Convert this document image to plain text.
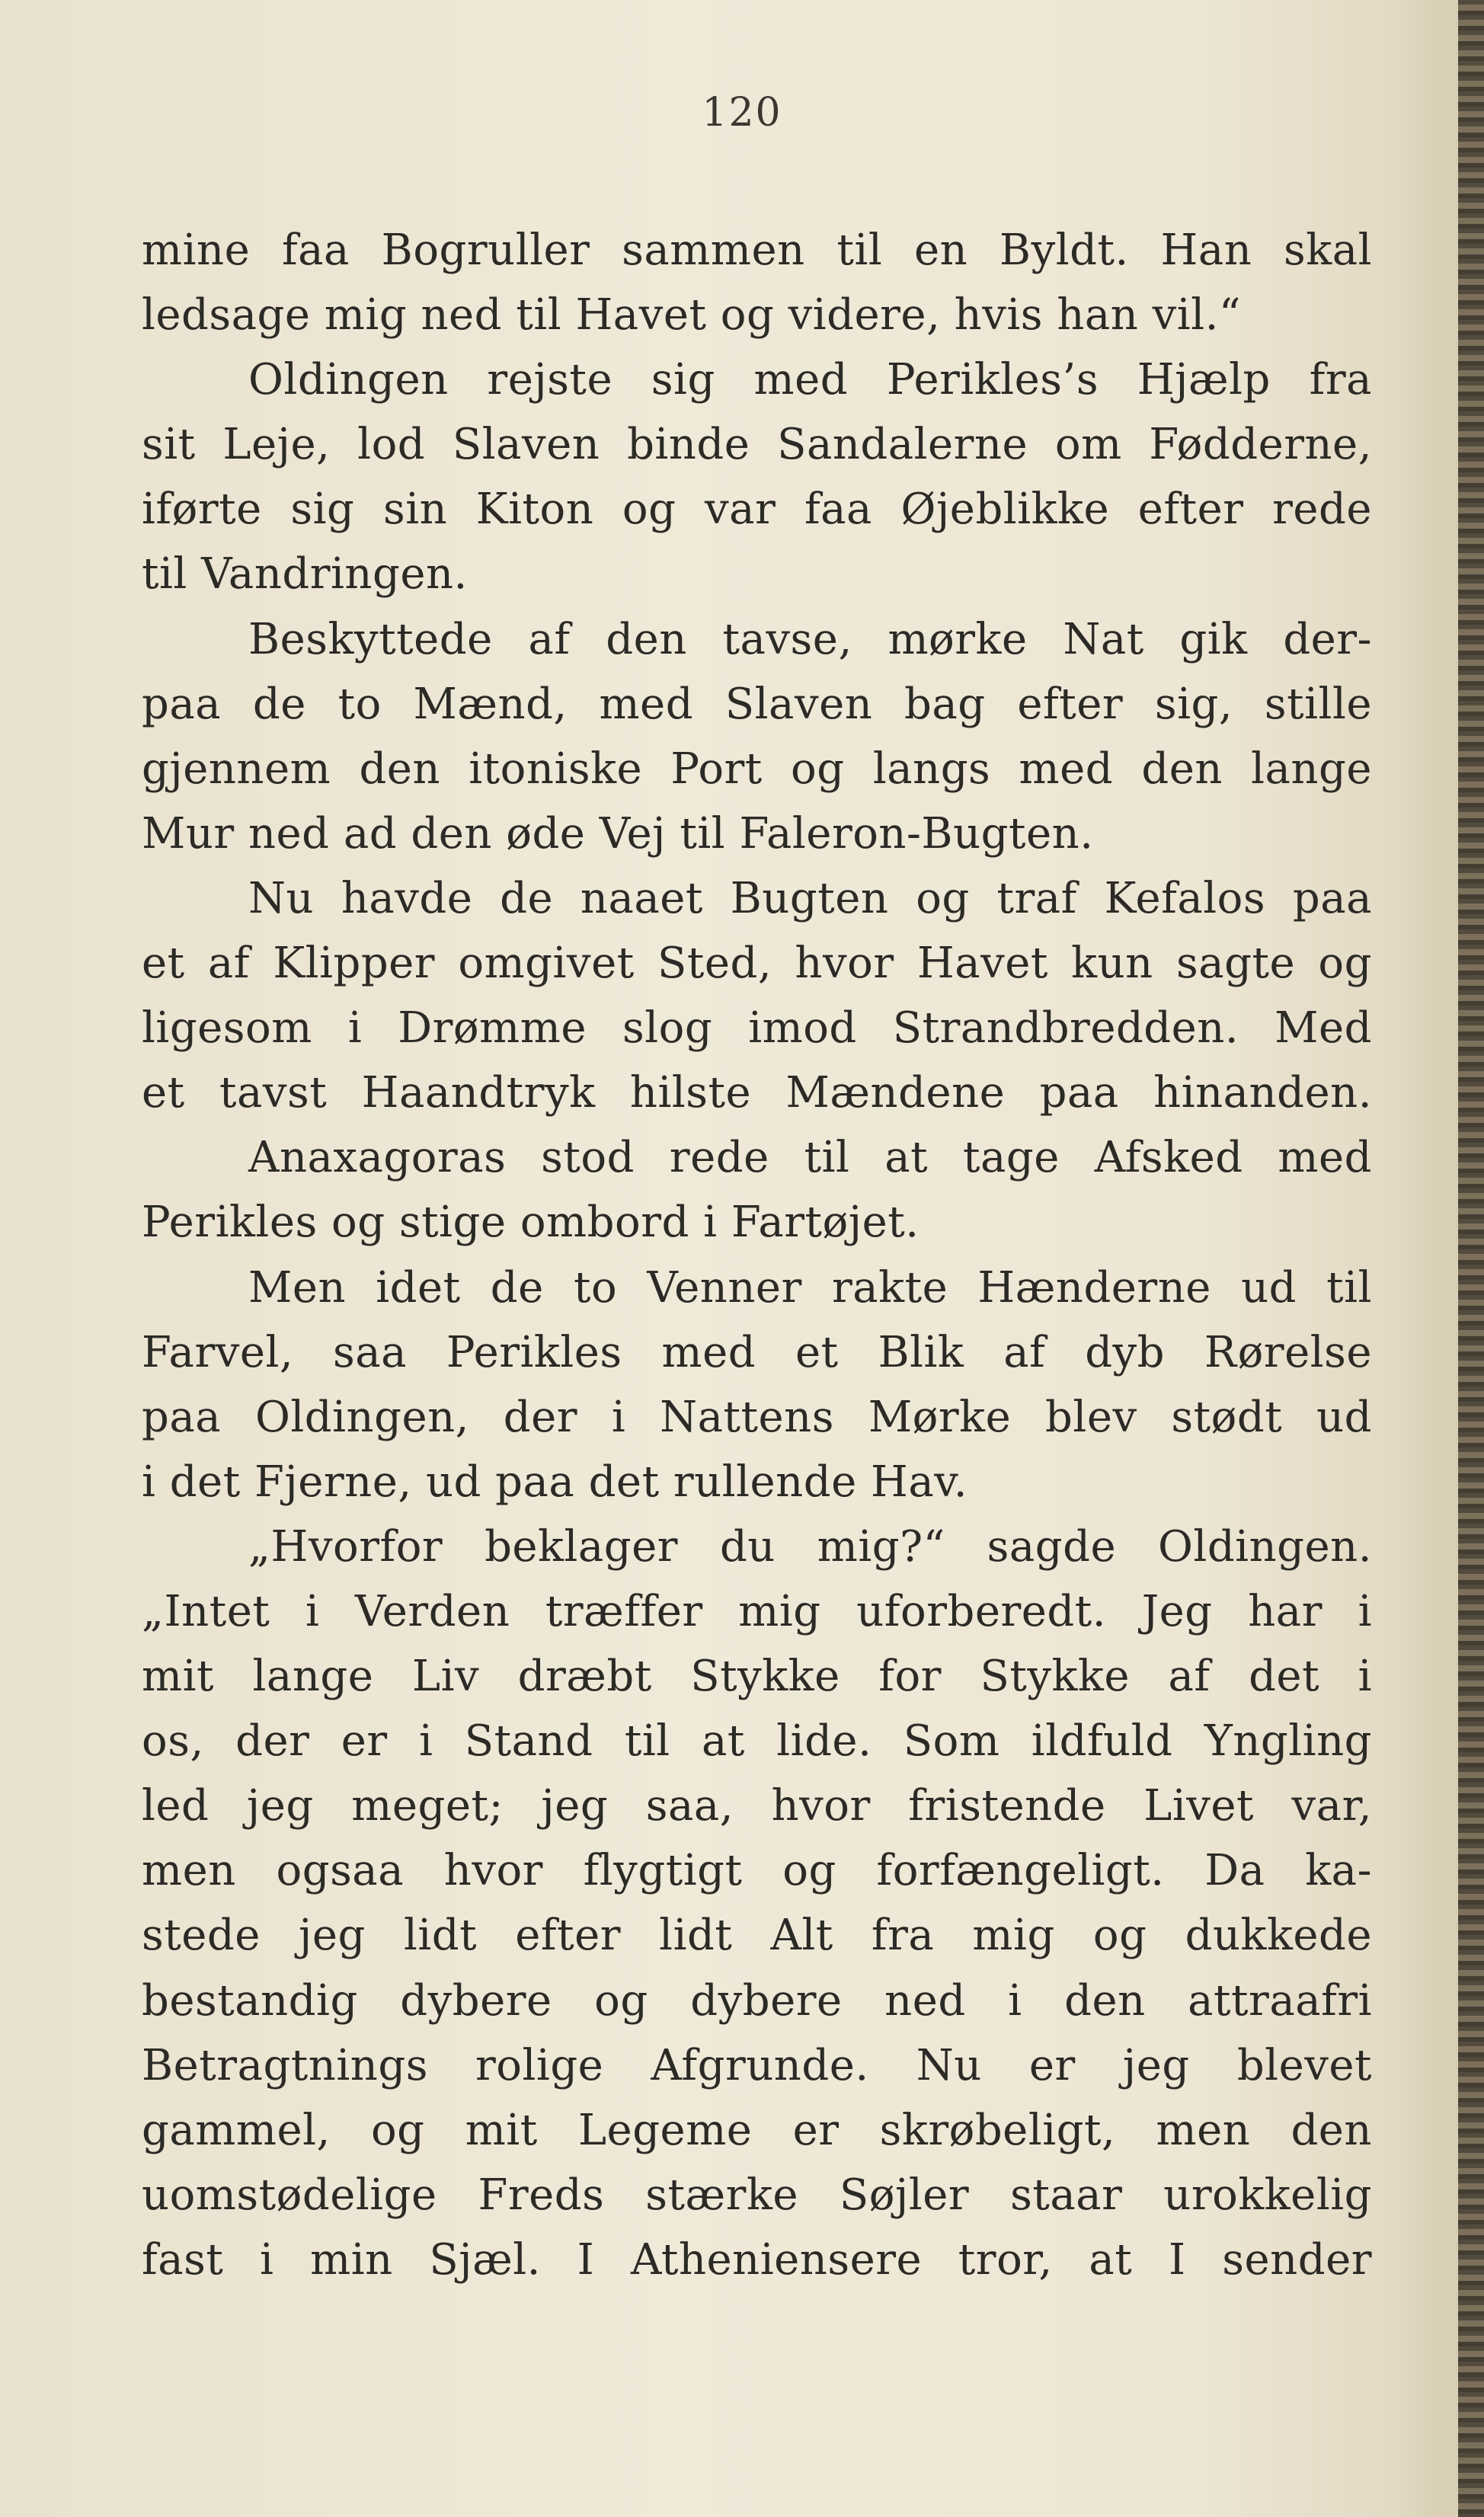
120
mine faa Bogruller sammen til en Byldt. Han skal
ledsage mig ned til Havet og videre, hvis han vil.“
Oldingen rejste sig med Perikles’s Hjælp fra
sit Leje, lod Slaven binde Sandalerne om Fødderne,
iførte sig sin Kiton og var faa Øjeblikke efter rede
til Vandringen.
Beskyttede af den tavse, mørke Nat gik der-
paa de to Mænd, med Slaven bag efter sig, stille
gjennem den itoniske Port og langs med den lange
Mur ned ad den øde Vej til Faleron-Bugten.
Nu havde de naaet Bugten og traf Kefalos paa
et af Klipper omgivet Sted, hvor Havet kun sagte og
ligesom i Drømme slog imod Strandbredden. Med
et tavst Haandtryk hilste Mændene paa hinanden.
Anaxagoras stod rede til at tage Afsked med
Perikles og stige ombord i Fartøjet.
Men idet de to Venner rakte Hænderne ud til
Farvel, saa Perikles med et Blik af dyb Rørelse
paa Oldingen, der i Nattens Mørke blev stødt ud
i det Fjerne, ud paa det rullende Hav.
„Hvorfor beklager du mig?“ sagde Oldingen.
„Intet i Verden træffer mig uforberedt. Jeg har i
mit lange Liv dræbt Stykke for Stykke af det i
os, der er i Stand til at lide. Som ildfuld Yngling
led jeg meget; jeg saa, hvor fristende Livet var,
men ogsaa hvor flygtigt og forfængeligt. Da ka-
stede jeg lidt efter lidt Alt fra mig og dukkede
bestandig dybere og dybere ned i den attraafri
Betragtnings rolige Afgrunde. Nu er jeg blevet
gammel, og mit Legeme er skrøbeligt, men den
uomstødelige Freds stærke Søjler staar urokkelig
fast i min Sjæl. I Atheniensere tror, at I sender
